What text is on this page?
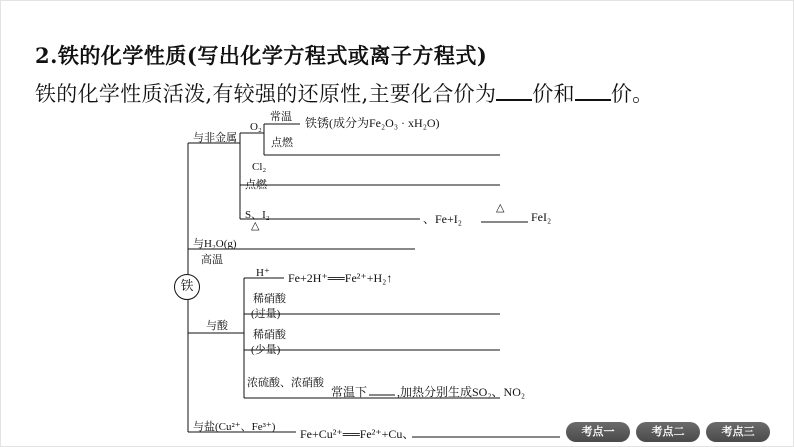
2.铁的化学性质(写出化学方程式或离子方程式)
铁的化学性质活泼,有较强的还原性,主要化合价为 价和 价。
铁
与非金属
与H₂O(g)
高温
与酸
与盐(Cu²⁺、Fe³⁺)
O₂
常温 铁锈(成分为Fe₂O₃ · xH₂O)
点燃
Cl₂
点燃
S、I₂
△	、Fe+I₂
△
FeI₂
H⁺ Fe+2H⁺══Fe²⁺+H₂↑
稀硝酸
(过量)
稀硝酸
(少量)
浓硫酸、浓硝酸
常温下 ,加热分别生成SO₂、NO₂
Fe+Cu²⁺══Fe²⁺+Cu、	考点一	考点二	考点三
